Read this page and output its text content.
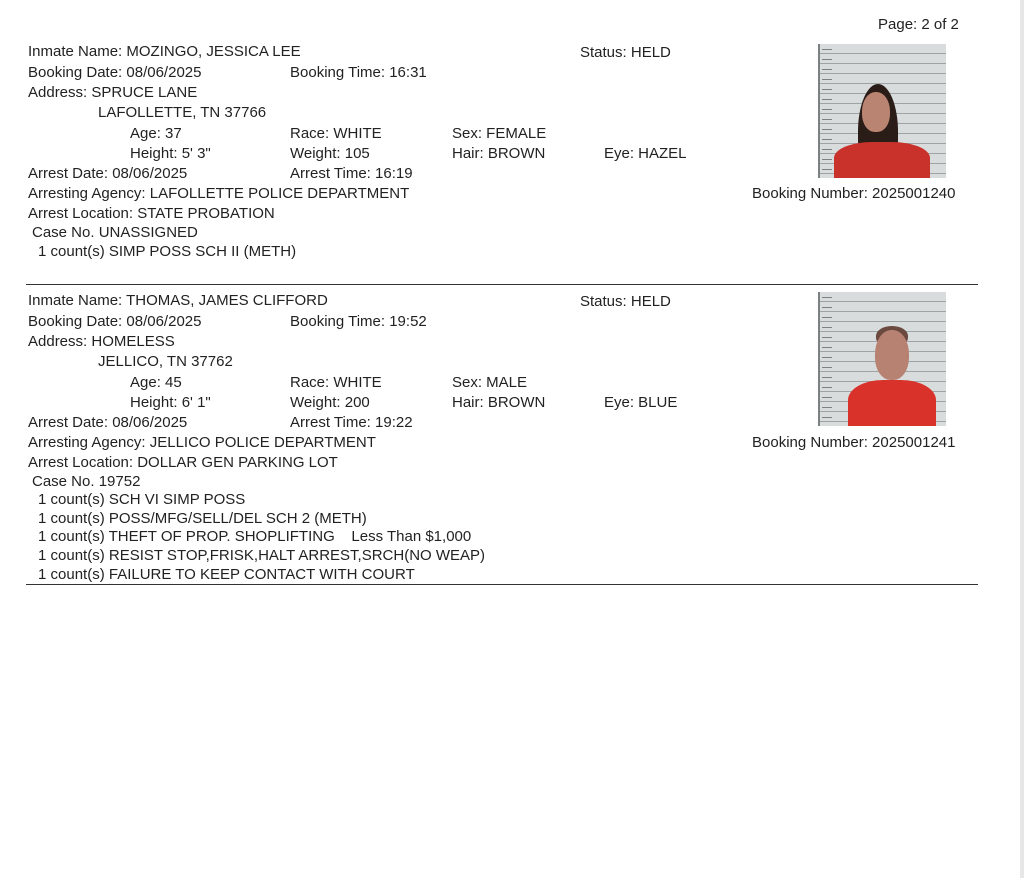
Page: 2 of 2
Inmate Name: MOZINGO, JESSICA LEE	Status: HELD
Booking Date: 08/06/2025	Booking Time: 16:31
Address: SPRUCE LANE
LAFOLLETTE, TN 37766
Age: 37	Race: WHITE	Sex: FEMALE
Height: 5' 3"	Weight: 105	Hair: BROWN	Eye: HAZEL
Arrest Date: 08/06/2025	Arrest Time: 16:19
Arresting Agency: LAFOLLETTE POLICE DEPARTMENT	Booking Number: 2025001240
Arrest Location: STATE PROBATION
Case No. UNASSIGNED
1 count(s) SIMP POSS SCH II (METH)
Inmate Name: THOMAS, JAMES CLIFFORD	Status: HELD
Booking Date: 08/06/2025	Booking Time: 19:52
Address: HOMELESS
JELLICO, TN 37762
Age: 45	Race: WHITE	Sex: MALE
Height: 6' 1"	Weight: 200	Hair: BROWN	Eye: BLUE
Arrest Date: 08/06/2025	Arrest Time: 19:22
Arresting Agency: JELLICO POLICE DEPARTMENT	Booking Number: 2025001241
Arrest Location: DOLLAR GEN PARKING LOT
Case No. 19752
1 count(s) SCH VI SIMP POSS
1 count(s) POSS/MFG/SELL/DEL SCH 2 (METH)
1 count(s) THEFT OF PROP. SHOPLIFTING    Less Than $1,000
1 count(s) RESIST STOP,FRISK,HALT ARREST,SRCH(NO WEAP)
1 count(s) FAILURE TO KEEP CONTACT WITH COURT
